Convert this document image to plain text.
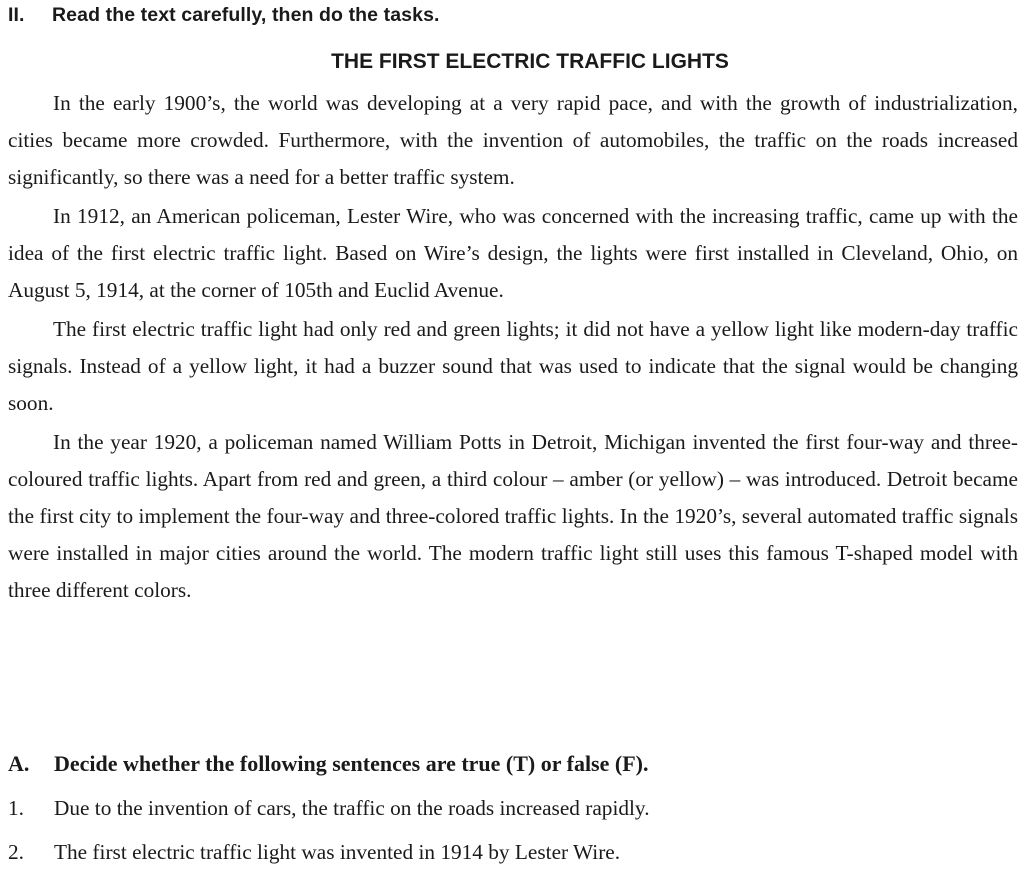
II. Read the text carefully, then do the tasks.
THE FIRST ELECTRIC TRAFFIC LIGHTS

In the early 1900’s, the world was developing at a very rapid pace, and with the growth of industrialization, cities became more crowded. Furthermore, with the invention of automobiles, the traffic on the roads increased significantly, so there was a need for a better traffic system.

In 1912, an American policeman, Lester Wire, who was concerned with the increasing traffic, came up with the idea of the first electric traffic light. Based on Wire’s design, the lights were first installed in Cleveland, Ohio, on August 5, 1914, at the corner of 105th and Euclid Avenue.

The first electric traffic light had only red and green lights; it did not have a yellow light like modern-day traffic signals. Instead of a yellow light, it had a buzzer sound that was used to indicate that the signal would be changing soon.

In the year 1920, a policeman named William Potts in Detroit, Michigan invented the first four-way and three-coloured traffic lights. Apart from red and green, a third colour – amber (or yellow) – was introduced. Detroit became the first city to implement the four-way and three-colored traffic lights. In the 1920’s, several automated traffic signals were installed in major cities around the world. The modern traffic light still uses this famous T-shaped model with three different colors.

A. Decide whether the following sentences are true (T) or false (F).
1. Due to the invention of cars, the traffic on the roads increased rapidly.
2. The first electric traffic light was invented in 1914 by Lester Wire.
